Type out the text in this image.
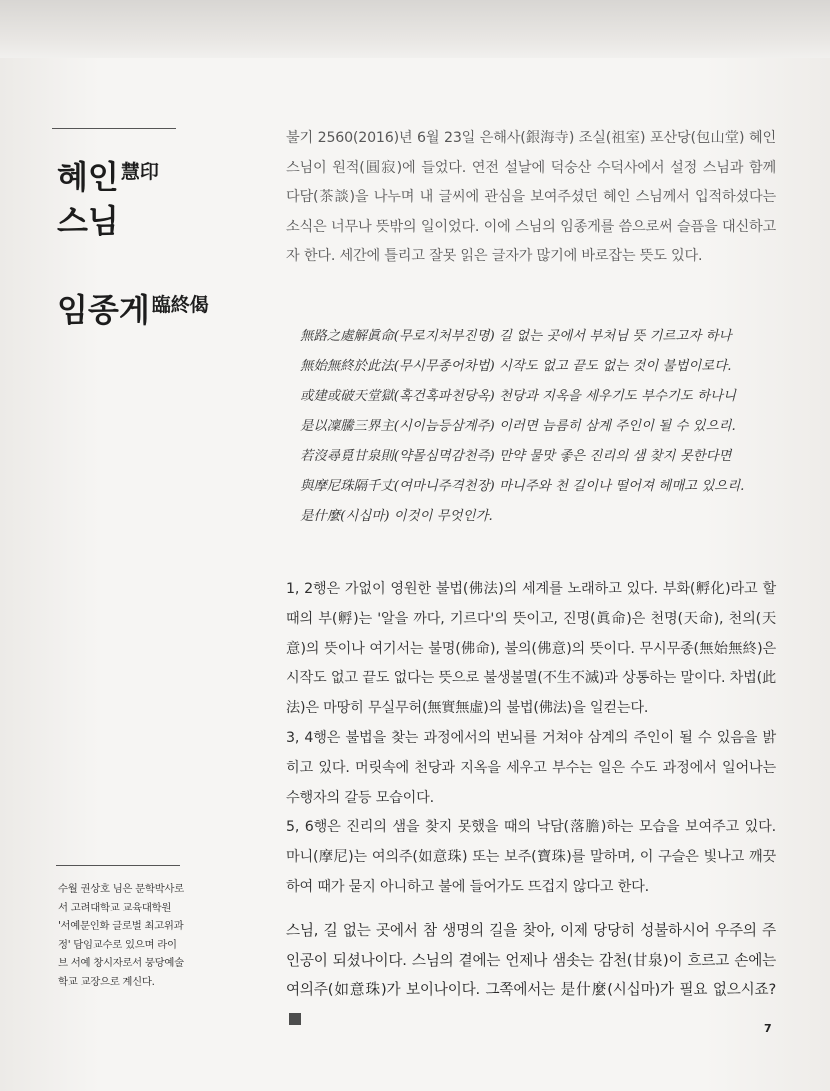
혜인 $^{慧印}$
스님
임종게 $^{臨終偈}$
불기 2560(2016)년 6월 23일 은해사(銀海寺) 조실(祖室) 포산당(包山堂) 혜인 스님이 원적(圓寂)에 들었다. 연전 설날에 덕숭산 수덕사에서 설정 스님과 함께 다담(茶談)을 나누며 내 글씨에 관심을 보여주셨던 혜인 스님께서 입적하셨다는 소식은 너무나 뜻밖의 일이었다. 이에 스님의 임종게를 씀으로써 슬픔을 대신하고자 한다. 세간에 틀리고 잘못 읽은 글자가 많기에 바로잡는 뜻도 있다.
無路之處解眞命(무로지처부진명) 길 없는 곳에서 부처님 뜻 기르고자 하나
無始無終於此法(무시무종어차법) 시작도 없고 끝도 없는 것이 불법이로다.
或建或破天堂獄(혹건혹파천당옥) 천당과 지옥을 세우기도 부수기도 하나니
是以凜騰三界主(시이늠등삼계주) 이러면 늠름히 삼계 주인이 될 수 있으리.
若沒尋覓甘泉則(약몰심멱감천즉) 만약 물맛 좋은 진리의 샘 찾지 못한다면
與摩尼珠隔千丈(여마니주격천장) 마니주와 천 길이나 떨어져 헤매고 있으리.
是什麼(시십마) 이것이 무엇인가.

1, 2행은 가없이 영원한 불법(佛法)의 세계를 노래하고 있다. 부화(孵化)라고 할 때의 부(孵)는 '알을 까다, 기르다'의 뜻이고, 진명(眞命)은 천명(天命), 천의(天意)의 뜻이나 여기서는 불명(佛命), 불의(佛意)의 뜻이다. 무시무종(無始無終)은 시작도 없고 끝도 없다는 뜻으로 불생불멸(不生不滅)과 상통하는 말이다. 차법(此法)은 마땅히 무실무허(無實無虛)의 불법(佛法)을 일컫는다.

3, 4행은 불법을 찾는 과정에서의 번뇌를 거쳐야 삼계의 주인이 될 수 있음을 밝히고 있다. 머릿속에 천당과 지옥을 세우고 부수는 일은 수도 과정에서 일어나는 수행자의 갈등 모습이다.

5, 6행은 진리의 샘을 찾지 못했을 때의 낙담(落膽)하는 모습을 보여주고 있다. 마니(摩尼)는 여의주(如意珠) 또는 보주(寶珠)를 말하며, 이 구슬은 빛나고 깨끗하여 때가 묻지 아니하고 불에 들어가도 뜨겁지 않다고 한다.

스님, 길 없는 곳에서 참 생명의 길을 찾아, 이제 당당히 성불하시어 우주의 주인공이 되셨나이다. 스님의 곁에는 언제나 샘솟는 감천(甘泉)이 흐르고 손에는 여의주(如意珠)가 보이나이다. 그쪽에서는 是什麼(시십마)가 필요 없으시죠?
수월 권상호 님은 문학박사로서 고려대학교 교육대학원 '서예문인화 글로벌 최고위과정' 담임교수로 있으며 라이브 서예 창시자로서 뭉당예술학교 교장으로 계신다.
7
